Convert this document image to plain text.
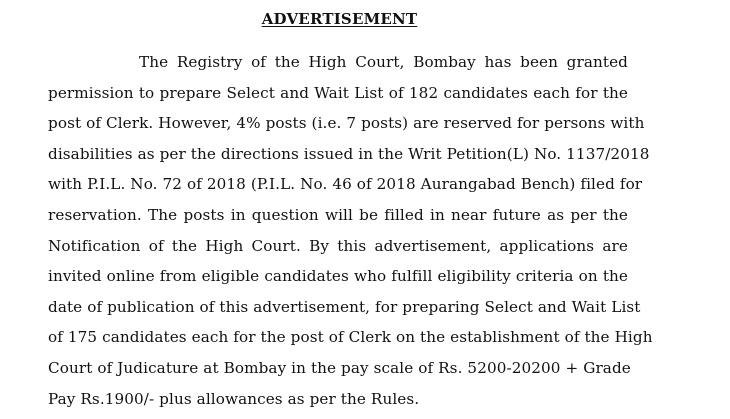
ADVERTISEMENT
The Registry of the High Court, Bombay has been granted
permission to prepare Select and Wait List of 182 candidates each for the
post of Clerk. However, 4% posts (i.e. 7 posts) are reserved for persons with
disabilities as per the directions issued in the Writ Petition(L) No. 1137/2018
with P.I.L. No. 72 of 2018 (P.I.L. No. 46 of 2018 Aurangabad Bench) filed for
reservation. The posts in question will be filled in near future as per the
Notification of the High Court. By this advertisement, applications are
invited online from eligible candidates who fulfill eligibility criteria on the
date of publication of this advertisement, for preparing Select and Wait List
of 175 candidates each for the post of Clerk on the establishment of the High
Court of Judicature at Bombay in the pay scale of Rs. 5200-20200 + Grade
Pay Rs.1900/- plus allowances as per the Rules.
